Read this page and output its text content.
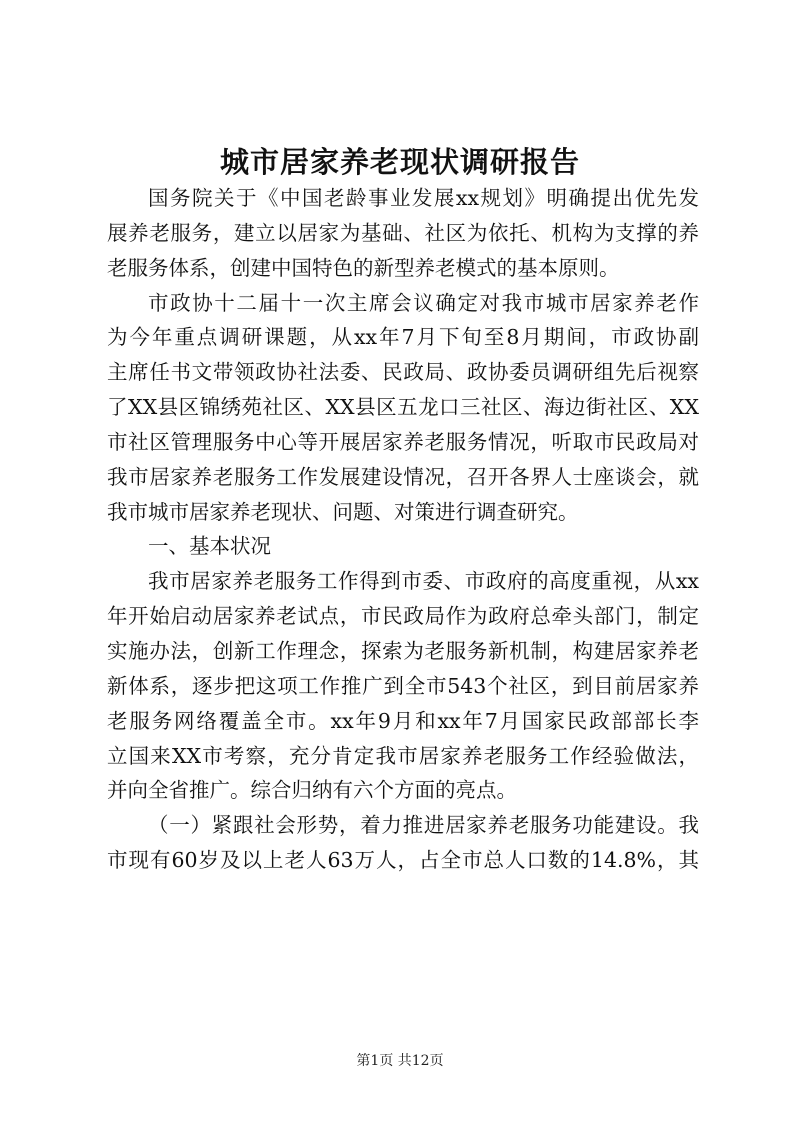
城市居家养老现状调研报告
国务院关于《中国老龄事业发展xx规划》明确提出优先发
展养老服务，建立以居家为基础、社区为依托、机构为支撑的养
老服务体系，创建中国特色的新型养老模式的基本原则。
市政协十二届十一次主席会议确定对我市城市居家养老作
为今年重点调研课题，从xx年7月下旬至8月期间，市政协副
主席任书文带领政协社法委、民政局、政协委员调研组先后视察
了XX县区锦绣苑社区、XX县区五龙口三社区、海边街社区、XX
市社区管理服务中心等开展居家养老服务情况，听取市民政局对
我市居家养老服务工作发展建设情况，召开各界人士座谈会，就
我市城市居家养老现状、问题、对策进行调查研究。
一、基本状况
我市居家养老服务工作得到市委、市政府的高度重视，从xx
年开始启动居家养老试点，市民政局作为政府总牵头部门，制定
实施办法，创新工作理念，探索为老服务新机制，构建居家养老
新体系，逐步把这项工作推广到全市543个社区，到目前居家养
老服务网络覆盖全市。xx年9月和xx年7月国家民政部部长李
立国来XX市考察，充分肯定我市居家养老服务工作经验做法，
并向全省推广。综合归纳有六个方面的亮点。
（一）紧跟社会形势，着力推进居家养老服务功能建设。我
市现有60岁及以上老人63万人，占全市总人口数的14.8%，其
第1页 共12页
